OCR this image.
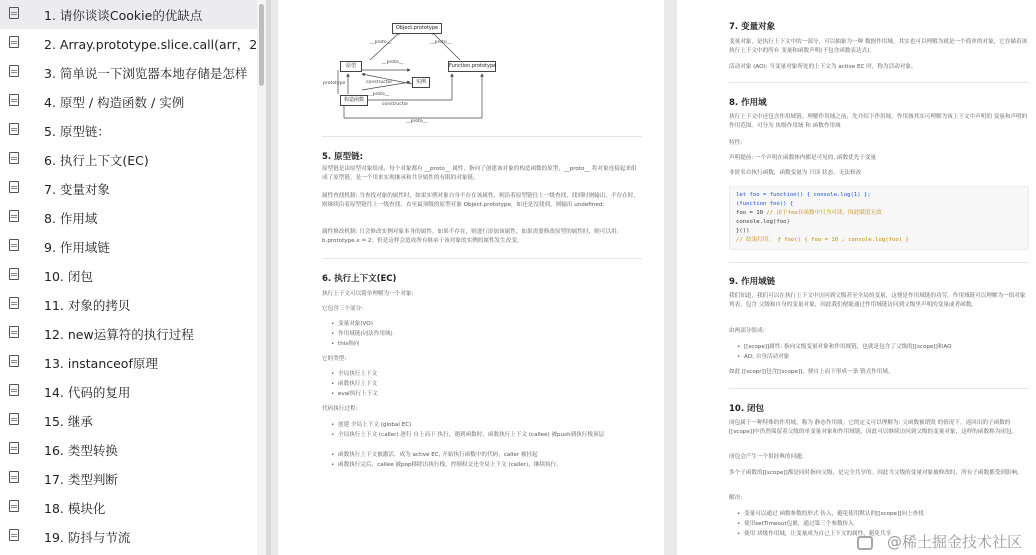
1. 请你谈谈Cookie的优缺点
2. Array.prototype.slice.call(arr，2
3. 简单说一下浏览器本地存储是怎样
4. 原型 / 构造函数 / 实例
5. 原型链：
6. 执行上下文(EC)
7. 变量对象
8. 作用域
9. 作用域链
10. 闭包
11. 对象的拷贝
12. new运算符的执行过程
13. instanceof原理
14. 代码的复用
15. 继承
16. 类型转换
17. 类型判断
18. 模块化
19. 防抖与节流
Object.prototype
__proto__	__proto__
__proto__
原型	Function.prototype
prototype	constructor	实例
__proto__
构造函数
constructor
__proto__
5. 原型链:
原型链是由原型对象组成，每个对象都有 __proto__ 属性，指向了创建该对象的构造函数的原型，__proto__ 将对象连接起来组成了原型链。是一个用来实现继承和共享属性的有限的对象链。
属性查找机制: 当查找对象的属性时，如果实例对象自身不存在该属性，则沿着原型链往上一级查找，找到时则输出，不存在时，则继续沿着原型链往上一级查找，直至最顶级的原型对象 Object.prototype，如还是没找到，则输出 undefined;
属性修改机制: 只会修改实例对象本身的属性，如果不存在，则进行添加该属性，如果需要修改原型的属性时，则可以用: b.prototype.x = 2；但是这样会造成所有继承于该对象的实例的属性发生改变。
6. 执行上下文(EC)
执行上下文可以简单理解为一个对象:
它包含三个部分:
• 变量对象(VO)
• 作用域链(词法作用域)
• this指向
它的类型:
• 全局执行上下文
• 函数执行上下文
• eval执行上下文
代码执行过程:
• 创建 全局上下文 (global EC)
• 全局执行上下文 (caller) 逐行 自上而下 执行，遇到函数时，函数执行上下文 (callee) 被push到执行栈顶层
• 函数执行上下文被激活，成为 active EC, 开始执行函数中的代码，caller 被挂起
• 函数执行完后，callee 被pop移除出执行栈，控制权交还全局上下文 (caller)，继续执行。
7. 变量对象
变量对象，是执行上下文中的一部分，可以抽象为一种 数据作用域，其实也可以理解为就是一个简单的对象，它存储着该执行上下文中的所有 变量和函数声明(不包含函数表达式)。
活动对象 (AO): 当变量对象所处的上下文为 active EC 时，称为活动对象。
8. 作用域
执行上下文中还包含作用域链。理解作用域之前，先介绍下作用域。作用域其实可理解为该上下文中声明的 变量和声明的作用范围。可分为 块级作用域 和 函数作用域
特性:
声明提前: 一个声明在函数体内都是可见的, 函数优先于变量
非匿名自执行函数，函数变量为 只读 状态，无法修改
let foo = function() { console.log(1) };
(function foo() {
foo = 10 // 由于foo在函数中只为可读，因此赋值无效
console.log(foo)
}())
// 结果打印： ƒ foo() { foo = 10 ; console.log(foo) }
9. 作用域链
我们知道，我们可以在执行上下文中访问到父级甚至全局的变量，这便是作用域链的功劳。作用域链可以理解为一组对象列表，包含 父级和自身的变量对象，因此我们便能通过作用域链访问到父级里声明的变量或者函数。
由两部分组成:
• [[scope]]属性: 指向父级变量对象和作用域链，也就是包含了父级的[[scope]]和AO
• AO: 自身活动对象
如此 [[scopr]]包含[[scope]]，便自上而下形成一条 链式作用域。
10. 闭包
闭包属于一种特殊的作用域，称为 静态作用域。它的定义可以理解为: 父函数被销毁 的情况下，返回出的子函数的[[scope]]中仍然保留着父级的单变量对象和作用域链，因此可以继续访问到父级的变量对象，这样的函数称为闭包。
闭包会产生一个很经典的问题:
多个子函数的[[scope]]都是同时指向父级，是完全共享的。因此当父级的变量对象被修改时，所有子函数都受到影响。
解决:
• 变量可以通过 函数参数的形式 传入，避免使用默认的[[scope]]向上查找
• 使用setTimeout包裹，通过第三个参数传入
• 使用 块级作用域，让变量成为自己上下文的属性，避免共享
@稀土掘金技术社区
